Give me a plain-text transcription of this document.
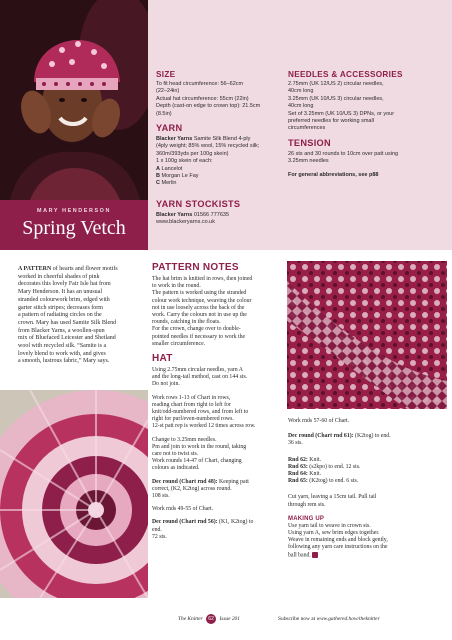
MARY HENDERSON
Spring Vetch
SIZE
To fit head circumference: 56–62cm
(22–24in)
Actual hat circumference: 55cm (22in)
Depth (cast-on edge to crown top): 21.5cm
(8.5in)
YARN
Blacker Yarns Samite Silk Blend 4-ply
(4ply weight; 85% wool, 15% recycled silk;
360m/393yds per 100g skein)
1 x 100g skein of each:
A Lancelot
B Morgan Le Fay
C Merlin
YARN STOCKISTS
Blacker Yarns 01566 777635
www.blackeryarns.co.uk
NEEDLES & ACCESSORIES
2.75mm (UK 12/US 2) circular needles,
40cm long
3.25mm (UK 10/US 3) circular needles,
40cm long
Set of 3.25mm (UK 10/US 3) DPNs, or your
preferred needles for working small
circumferences
TENSION
26 sts and 30 rounds to 10cm over patt using
3.25mm needles
For general abbreviations, see p88
A PATTERN of hearts and flower motifs
worked in cheerful shades of pink
decorates this lovely Fair Isle hat from
Mary Henderson. It has an unusual
stranded colourwork brim, edged with
garter stitch stripes; decreases form
a pattern of radiating circles on the
crown. Mary has used Samite Silk Blend
from Blacker Yarns, a woollen-spun
mix of Bluefaced Leicester and Shetland
wool with recycled silk. “Samite is a
lovely blend to work with, and gives
a smooth, lustrous fabric,” Mary says.
PATTERN NOTES
The hat brim is knitted in rows, then joined
to work in the round.
The pattern is worked using the stranded
colour work technique, weaving the colour
not in use loosely across the back of the
work. Carry the colours not in use up the
rounds, catching in the floats.
For the crown, change over to double-
pointed needles if necessary to work the
smaller circumference.
HAT
Using 2.75mm circular needles, yarn A
and the long-tail method, cast on 144 sts.
Do not join.
Work rows 1-13 of Chart in rows,
reading chart from right to left for
knit/odd-numbered rows, and from left to
right for purl/even-numbered rows.
12-st patt rep is worked 12 times across row.
Change to 3.25mm needles.
Pm and join to work in the round, taking
care not to twist sts.
Work rounds 14-47 of Chart, changing
colours as indicated.
Dec round (Chart rnd 48): Keeping patt
correct, (K2, K2tog) across round.
108 sts.
Work rnds 49-55 of Chart.
Dec round (Chart rnd 56): (K1, K2tog) to
end.
72 sts.
Work rnds 57-60 of Chart.
Dec round (Chart rnd 61): (K2tog) to end.
36 sts.
Rnd 62: Knit.
Rnd 63: (s2kpo) to end. 12 sts.
Rnd 64: Knit.
Rnd 65: (K2tog) to end. 6 sts.
Cut yarn, leaving a 15cm tail. Pull tail
through rem sts.
MAKING UP
Use yarn tail to weave in crown sts.
Using yarn A, sew brim edges together.
Weave in remaining ends and block gently,
following any yarn care instructions on the
ball band.
The Knitter 62 Issue 201	Subscribe now at www.gathered.how/theknitter
